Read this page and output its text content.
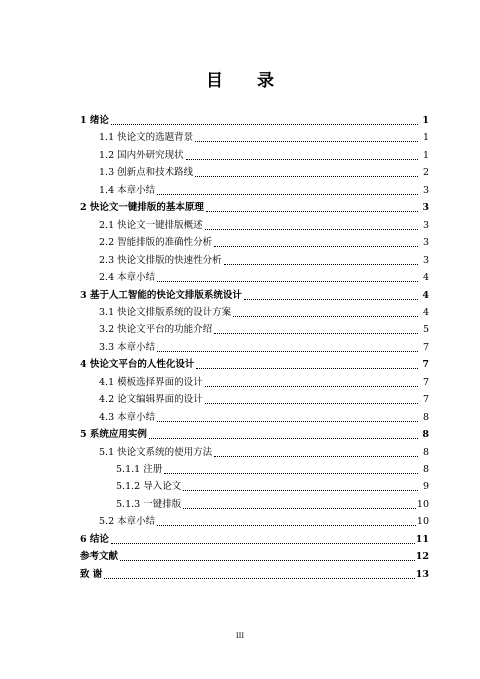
目 录
1 绪论	1
1.1 快论文的选题背景	1
1.2 国内外研究现状	1
1.3 创新点和技术路线	2
1.4 本章小结	3
2 快论文一键排版的基本原理	3
2.1 快论文一键排版概述	3
2.2 智能排版的准确性分析	3
2.3 快论文排版的快速性分析	3
2.4 本章小结	4
3 基于人工智能的快论文排版系统设计	4
3.1 快论文排版系统的设计方案	4
3.2 快论文平台的功能介绍	5
3.3 本章小结	7
4 快论文平台的人性化设计	7
4.1 模板选择界面的设计	7
4.2 论文编辑界面的设计	7
4.3 本章小结	8
5 系统应用实例	8
5.1 快论文系统的使用方法	8
5.1.1 注册	8
5.1.2 导入论文	9
5.1.3 一键排版	10
5.2 本章小结	10
6 结论	11
参考文献	12
致 谢	13
III
